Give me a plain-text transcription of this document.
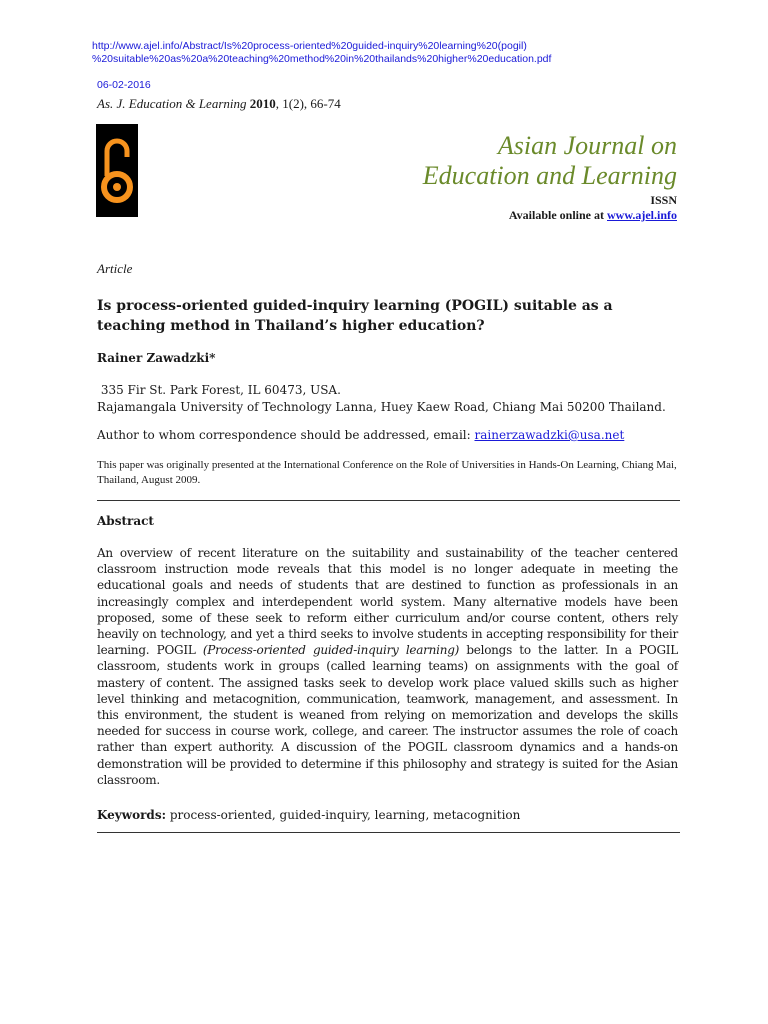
http://www.ajel.info/Abstract/Is%20process-oriented%20guided-inquiry%20learning%20(pogil)
%20suitable%20as%20a%20teaching%20method%20in%20thailands%20higher%20education.pdf
06-02-2016
As. J. Education & Learning 2010, 1(2), 66-74
Asian Journal on
Education and Learning
ISSN
Available online at www.ajel.info
Article
Is process-oriented guided-inquiry learning (POGIL) suitable as a teaching method in Thailand’s higher education?
Rainer Zawadzki*
335 Fir St. Park Forest, IL 60473, USA.
Rajamangala University of Technology Lanna, Huey Kaew Road, Chiang Mai 50200 Thailand.
Author to whom correspondence should be addressed, email: rainerzawadzki@usa.net
This paper was originally presented at the International Conference on the Role of Universities in Hands-On Learning, Chiang Mai, Thailand, August 2009.
Abstract
An overview of recent literature on the suitability and sustainability of the teacher centered classroom instruction mode reveals that this model is no longer adequate in meeting the educational goals and needs of students that are destined to function as professionals in an increasingly complex and interdependent world system. Many alternative models have been proposed, some of these seek to reform either curriculum and/or course content, others rely heavily on technology, and yet a third seeks to involve students in accepting responsibility for their learning. POGIL (Process-oriented guided-inquiry learning) belongs to the latter. In a POGIL classroom, students work in groups (called learning teams) on assignments with the goal of mastery of content. The assigned tasks seek to develop work place valued skills such as higher level thinking and metacognition, communication, teamwork, management, and assessment. In this environment, the student is weaned from relying on memorization and develops the skills needed for success in course work, college, and career. The instructor assumes the role of coach rather than expert authority. A discussion of the POGIL classroom dynamics and a hands-on demonstration will be provided to determine if this philosophy and strategy is suited for the Asian classroom.
Keywords: process-oriented, guided-inquiry, learning, metacognition
